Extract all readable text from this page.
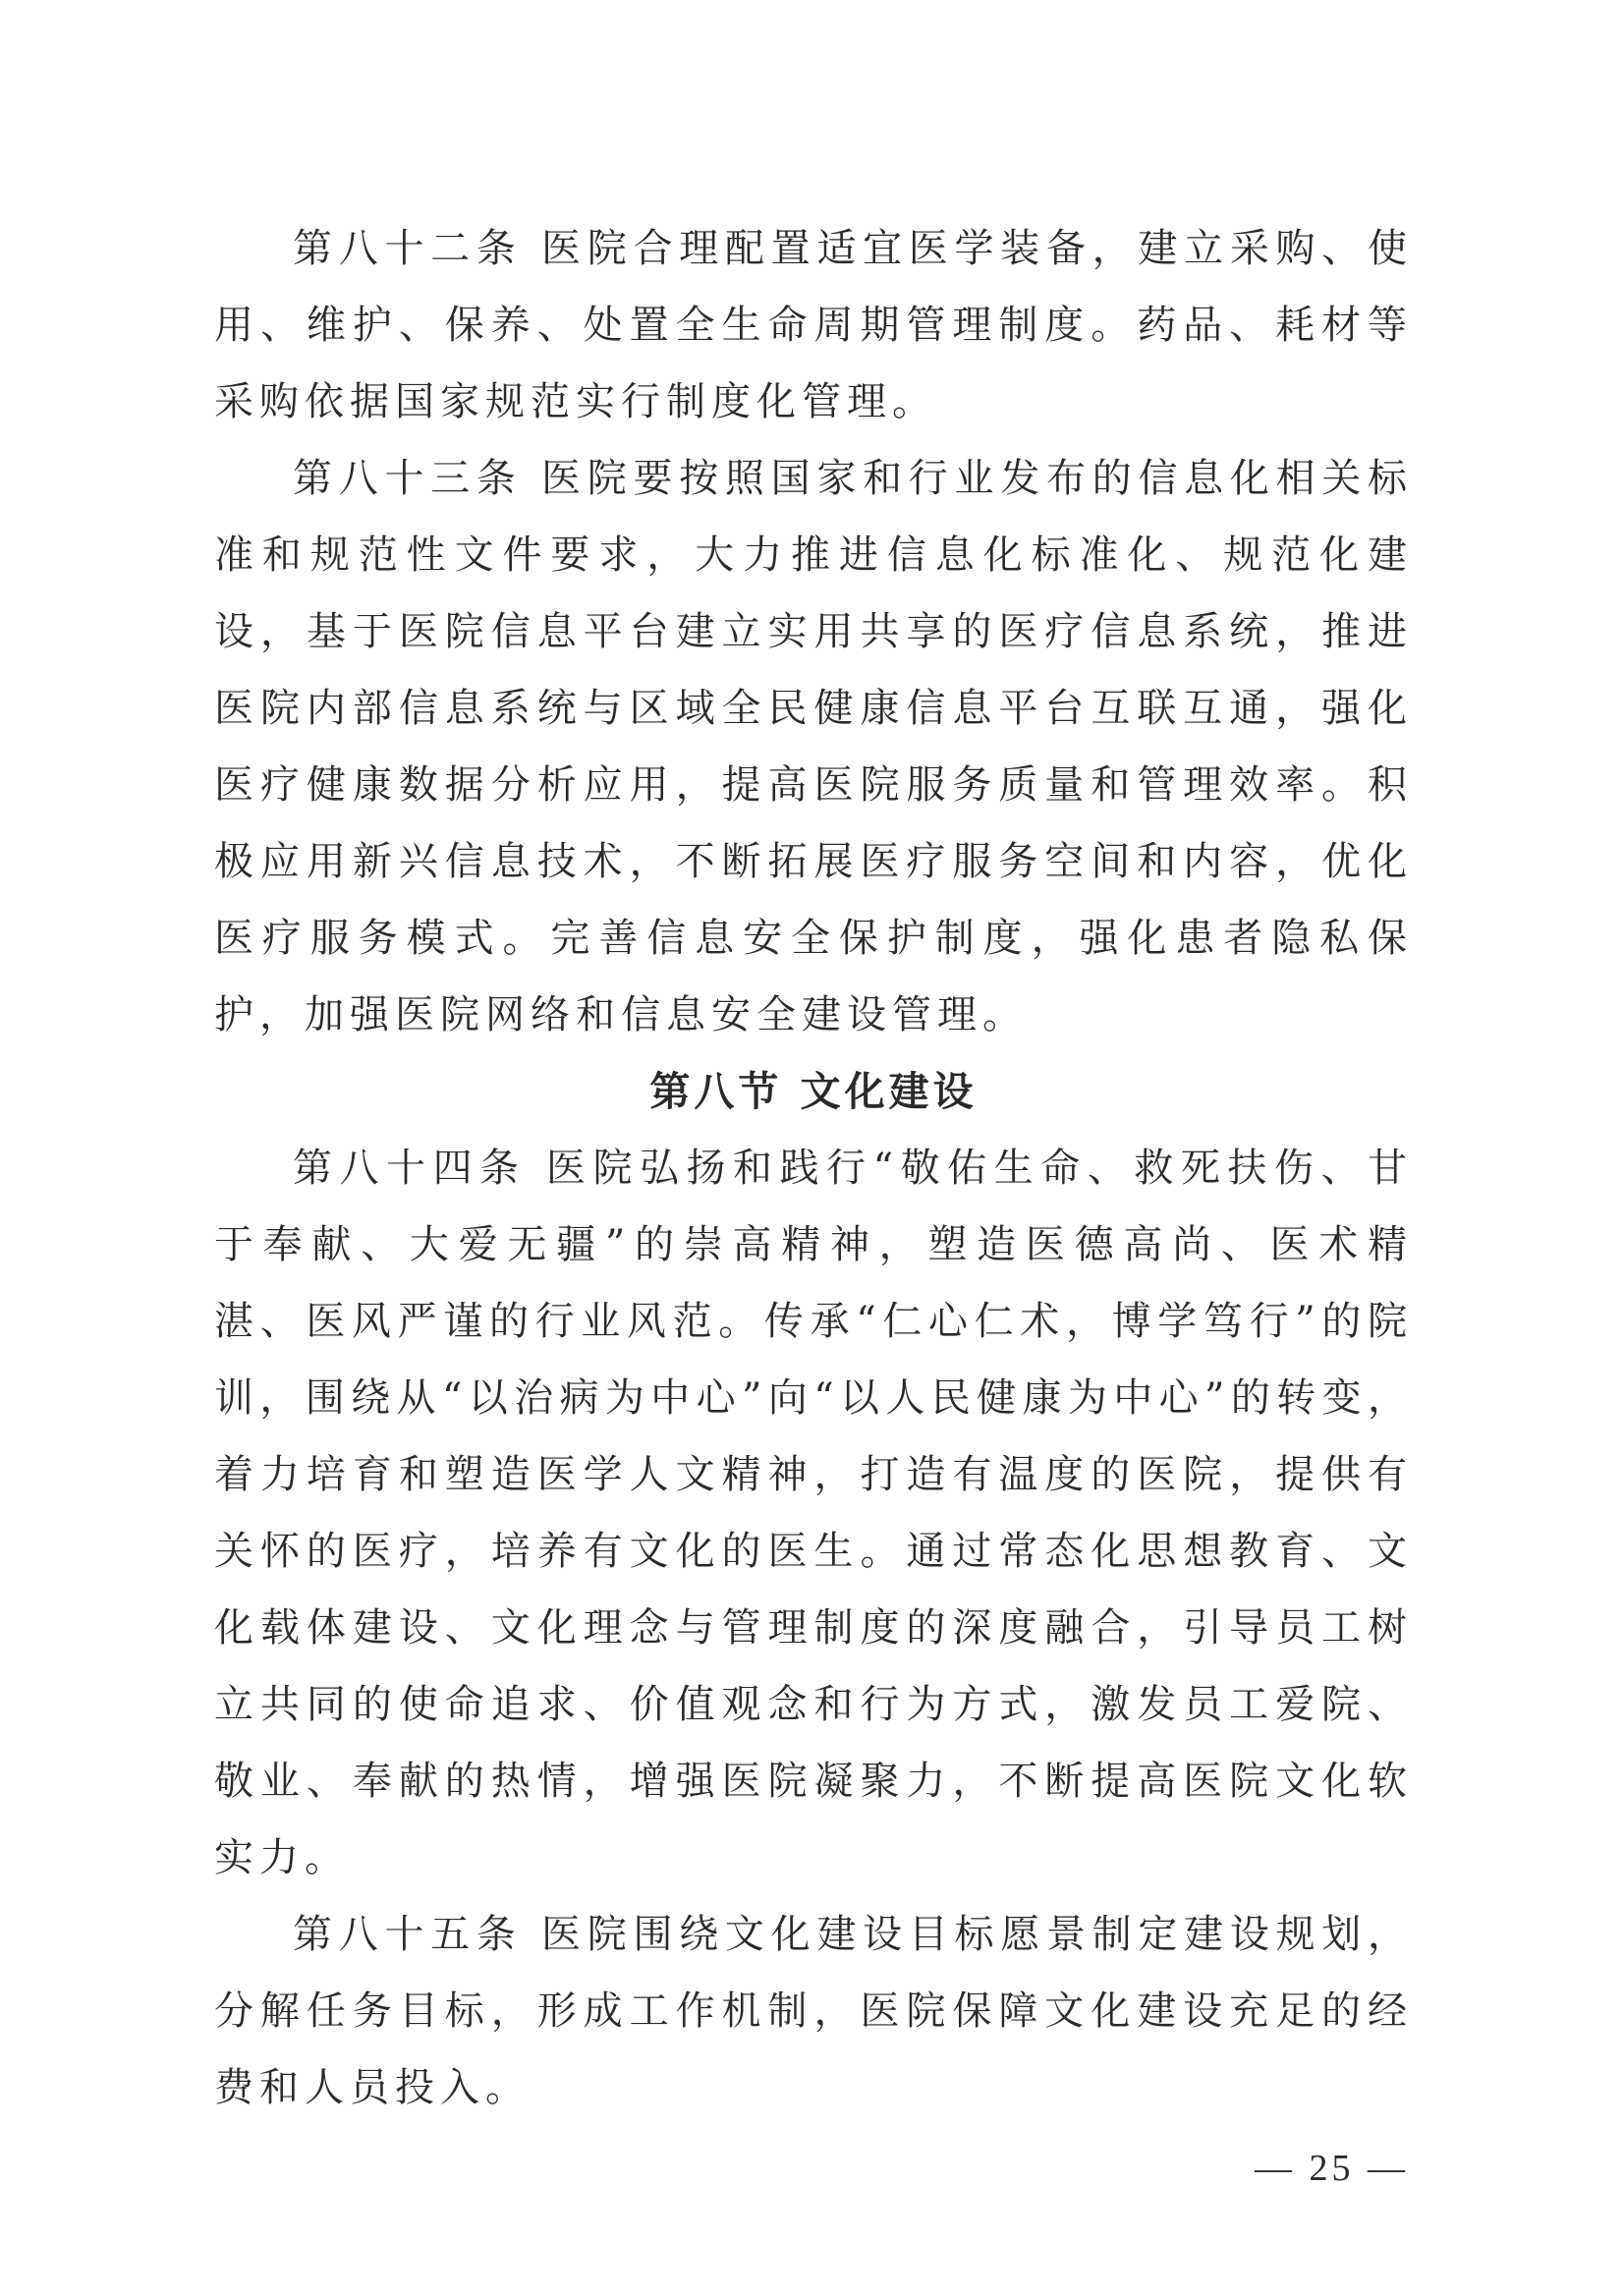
第八十二条 医院合理配置适宜医学装备，建立采购、使用、维护、保养、处置全生命周期管理制度。药品、耗材等采购依据国家规范实行制度化管理。

第八十三条 医院要按照国家和行业发布的信息化相关标准和规范性文件要求，大力推进信息化标准化、规范化建设，基于医院信息平台建立实用共享的医疗信息系统，推进医院内部信息系统与区域全民健康信息平台互联互通，强化医疗健康数据分析应用，提高医院服务质量和管理效率。积极应用新兴信息技术，不断拓展医疗服务空间和内容，优化医疗服务模式。完善信息安全保护制度，强化患者隐私保护，加强医院网络和信息安全建设管理。

第八节 文化建设

第八十四条 医院弘扬和践行“敬佑生命、救死扶伤、甘于奉献、大爱无疆”的崇高精神，塑造医德高尚、医术精湛、医风严谨的行业风范。传承“仁心仁术，博学笃行”的院训，围绕从“以治病为中心”向“以人民健康为中心”的转变，着力培育和塑造医学人文精神，打造有温度的医院，提供有关怀的医疗，培养有文化的医生。通过常态化思想教育、文化载体建设、文化理念与管理制度的深度融合，引导员工树立共同的使命追求、价值观念和行为方式，激发员工爱院、敬业、奉献的热情，增强医院凝聚力，不断提高医院文化软实力。

第八十五条 医院围绕文化建设目标愿景制定建设规划，分解任务目标，形成工作机制，医院保障文化建设充足的经费和人员投入。

— 25 —
